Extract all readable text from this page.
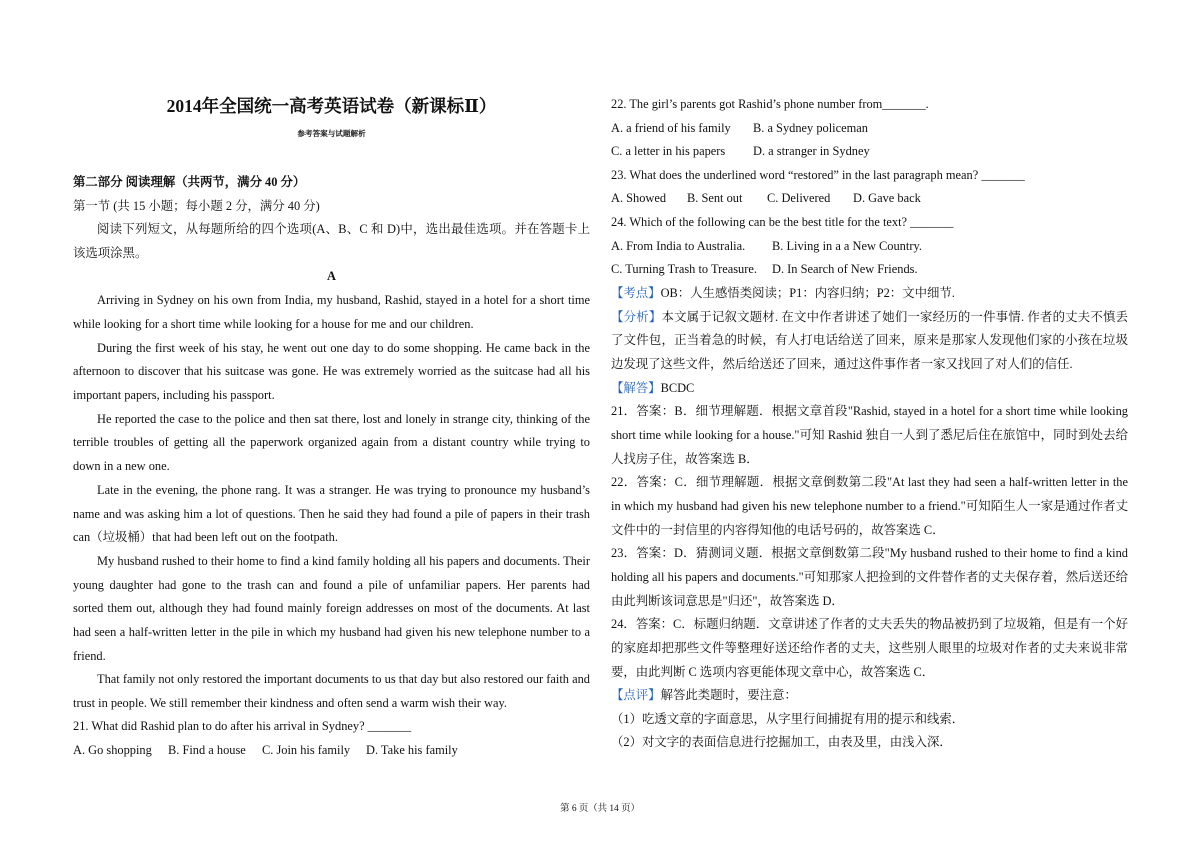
2014年全国统一高考英语试卷（新课标Ⅱ）
参考答案与试题解析
第二部分 阅读理解（共两节，满分 40 分）
第一节 (共 15 小题；每小题 2 分，满分 40 分)
阅读下列短文，从每题所给的四个选项(A、B、C 和 D)中，选出最佳选项。并在答题卡上
该选项涂黑。
A
Arriving in Sydney on his own from India, my husband, Rashid, stayed in a hotel for a short time
while looking for a short time while looking for a house for me and our children.
During the first week of his stay, he went out one day to do some shopping. He came back in the
afternoon to discover that his suitcase was gone. He was extremely worried as the suitcase had all his
important papers, including his passport.
He reported the case to the police and then sat there, lost and lonely in strange city, thinking of the
terrible troubles of getting all the paperwork organized again from a distant country while trying to
down in a new one.
Late in the evening, the phone rang. It was a stranger. He was trying to pronounce my husband’s
name and was asking him a lot of questions. Then he said they had found a pile of papers in their trash
can（垃圾桶）that had been left out on the footpath.
My husband rushed to their home to find a kind family holding all his papers and documents. Their
young daughter had gone to the trash can and found a pile of unfamiliar papers. Her parents had
sorted them out, although they had found mainly foreign addresses on most of the documents. At last
had seen a half-written letter in the pile in which my husband had given his new telephone number to a
friend.
That family not only restored the important documents to us that day but also restored our faith and
trust in people. We still remember their kindness and often send a warm wish their way.
21. What did Rashid plan to do after his arrival in Sydney? _______
A. Go shopping B. Find a house C. Join his family D. Take his family
22. The girl’s parents got Rashid’s phone number from_______.
A. a friend of his family B. a Sydney policeman
C. a letter in his papers D. a stranger in Sydney
23. What does the underlined word “restored” in the last paragraph mean? _______
A. Showed B. Sent out C. Delivered D. Gave back
24. Which of the following can be the best title for the text? _______
A. From India to Australia. B. Living in a a New Country.
C. Turning Trash to Treasure. D. In Search of New Friends.
【考点】OB：人生感悟类阅读；P1：内容归纳；P2：文中细节.
【分析】本文属于记叙文题材. 在文中作者讲述了她们一家经历的一件事情. 作者的丈夫不慎丢
了文件包，正当着急的时候，有人打电话给送了回来，原来是那家人发现他们家的小孩在垃圾
边发现了这些文件，然后给送还了回来，通过这件事作者一家又找回了对人们的信任.
【解答】BCDC
21．答案：B．细节理解题．根据文章首段"Rashid, stayed in a hotel for a short time while looking
short time while looking for a house."可知 Rashid 独自一人到了悉尼后住在旅馆中，同时到处去给
人找房子住，故答案选 B．
22．答案：C．细节理解题．根据文章倒数第二段"At last they had seen a half-written letter in the
in which my husband had given his new telephone number to a friend."可知陌生人一家是通过作者丈
文件中的一封信里的内容得知他的电话号码的，故答案选 C．
23．答案：D．猜测词义题．根据文章倒数第二段"My husband rushed to their home to find a kind
holding all his papers and documents."可知那家人把捡到的文件替作者的丈夫保存着，然后送还给
由此判断该词意思是"归还"，故答案选 D．
24．答案：C．标题归纳题．文章讲述了作者的丈夫丢失的物品被扔到了垃圾箱，但是有一个好
的家庭却把那些文件等整理好送还给作者的丈夫，这些别人眼里的垃圾对作者的丈夫来说非常
要，由此判断 C 选项内容更能体现文章中心，故答案选 C．
【点评】解答此类题时，要注意：
（1）吃透文章的字面意思，从字里行间捕捉有用的提示和线索．
（2）对文字的表面信息进行挖掘加工，由表及里，由浅入深．
第 6 页（共 14 页）
